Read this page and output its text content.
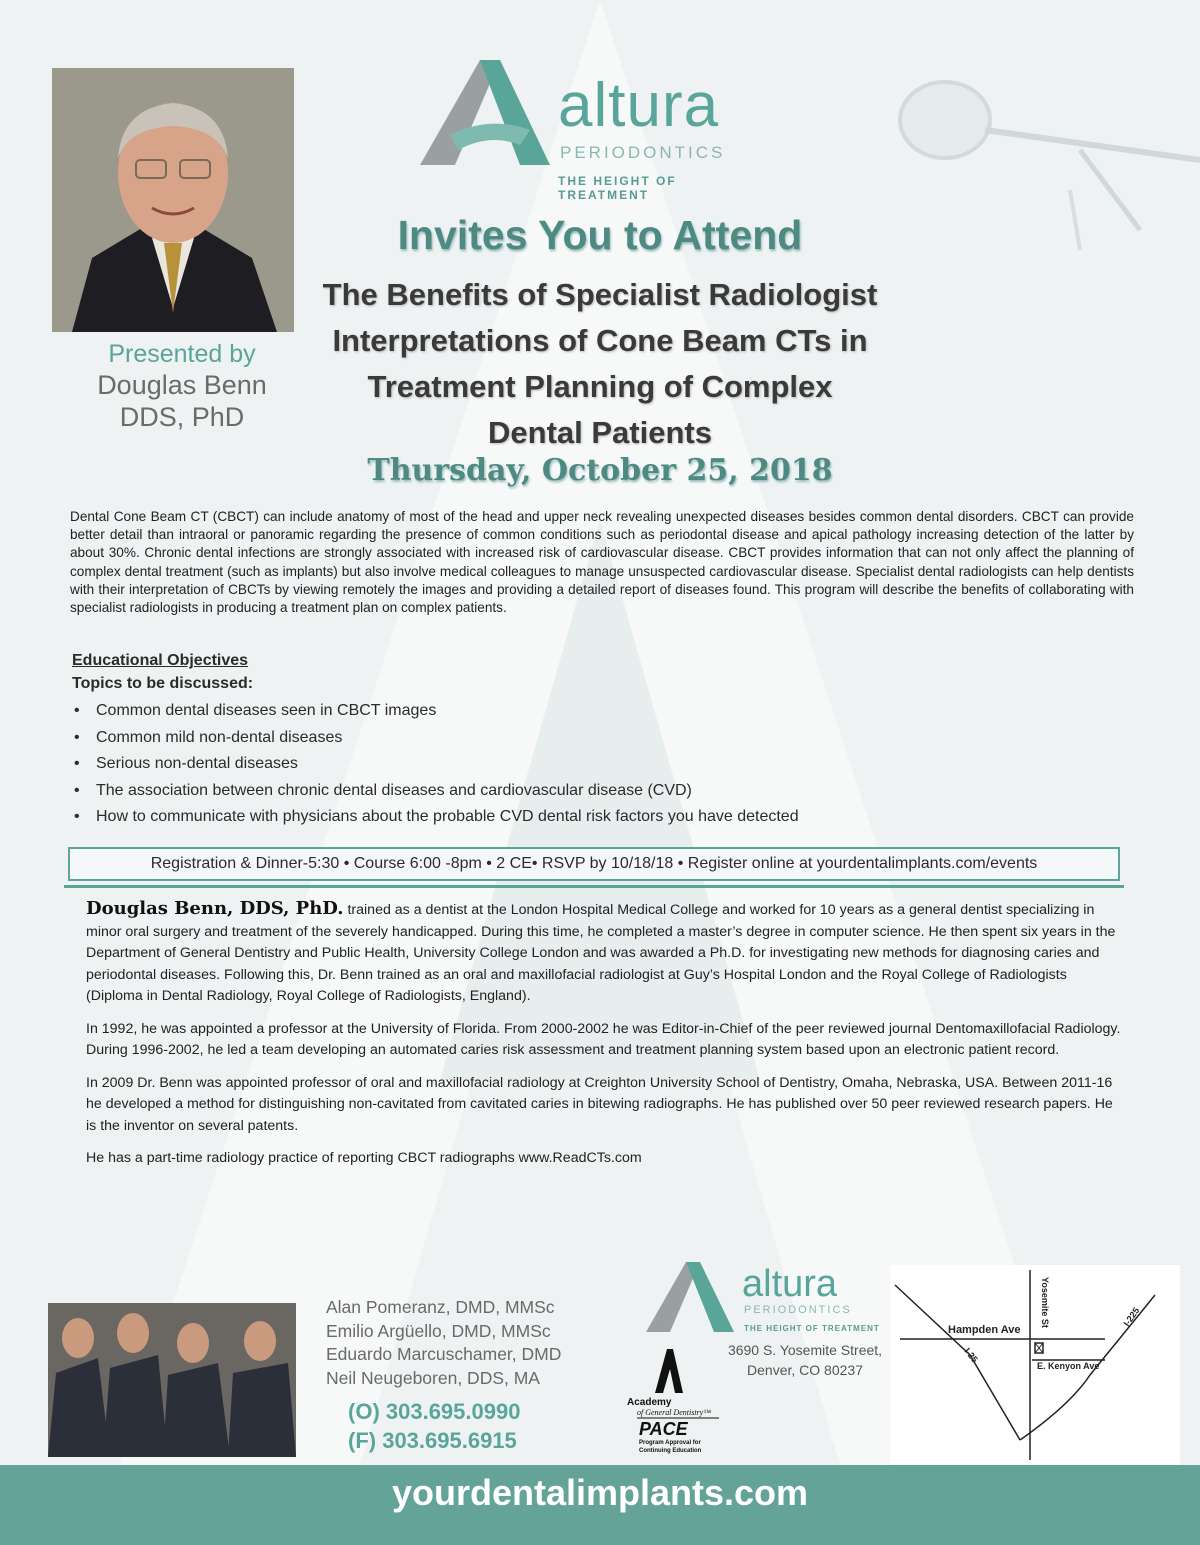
Presented by
Douglas Benn
DDS, PhD
altura
PERIODONTICS
THE HEIGHT OF TREATMENT
Invites You to Attend
The Benefits of Specialist Radiologist
Interpretations of Cone Beam CTs in
Treatment Planning of Complex
Dental Patients
Thursday, October 25, 2018
Dental Cone Beam CT (CBCT) can include anatomy of most of the head and upper neck revealing unexpected diseases besides common dental disorders. CBCT can provide better detail than intraoral or panoramic regarding the presence of common conditions such as periodontal disease and apical pathology increasing detection of the latter by about 30%. Chronic dental infections are strongly associated with increased risk of cardiovascular disease. CBCT provides information that can not only affect the planning of complex dental treatment (such as implants) but also involve medical colleagues to manage unsuspected cardiovascular disease. Specialist dental radiologists can help dentists with their interpretation of CBCTs by viewing remotely the images and providing a detailed report of diseases found. This program will describe the benefits of collaborating with specialist radiologists in producing a treatment plan on complex patients.
Educational Objectives
Topics to be discussed:
• Common dental diseases seen in CBCT images
• Common mild non-dental diseases
• Serious non-dental diseases
• The association between chronic dental diseases and cardiovascular disease (CVD)
• How to communicate with physicians about the probable CVD dental risk factors you have detected
Registration & Dinner-5:30 • Course 6:00 -8pm • 2 CE• RSVP by 10/18/18 • Register online at yourdentalimplants.com/events

Douglas Benn, DDS, PhD. trained as a dentist at the London Hospital Medical College and worked for 10 years as a general dentist specializing in minor oral surgery and treatment of the severely handicapped. During this time, he completed a master’s degree in computer science. He then spent six years in the Department of General Dentistry and Public Health, University College London and was awarded a Ph.D. for investigating new methods for diagnosing caries and periodontal diseases. Following this, Dr. Benn trained as an oral and maxillofacial radiologist at Guy’s Hospital London and the Royal College of Radiologists (Diploma in Dental Radiology, Royal College of Radiologists, England).

In 1992, he was appointed a professor at the University of Florida. From 2000-2002 he was Editor-in-Chief of the peer reviewed journal Dentomaxillofacial Radiology. During 1996-2002, he led a team developing an automated caries risk assessment and treatment planning system based upon an electronic patient record.

In 2009 Dr. Benn was appointed professor of oral and maxillofacial radiology at Creighton University School of Dentistry, Omaha, Nebraska, USA. Between 2011-16 he developed a method for distinguishing non-cavitated from cavitated caries in bitewing radiographs. He has published over 50 peer reviewed research papers. He is the inventor on several patents.

He has a part-time radiology practice of reporting CBCT radiographs www.ReadCTs.com

Alan Pomeranz, DMD, MMSc
Emilio Argüello, DMD, MMSc
Eduardo Marcuschamer, DMD
Neil Neugeboren, DDS, MA
(O) 303.695.0990
(F) 303.695.6915
altura
PERIODONTICS
THE HEIGHT OF TREATMENT
3690 S. Yosemite Street,
Denver, CO 80237
Academy
of General Dentistry™
PACE
Program Approval for
Continuing Education
Hampden Ave
Yosemite St
E. Kenyon Ave
I-25
I-225
yourdentalimplants.com
